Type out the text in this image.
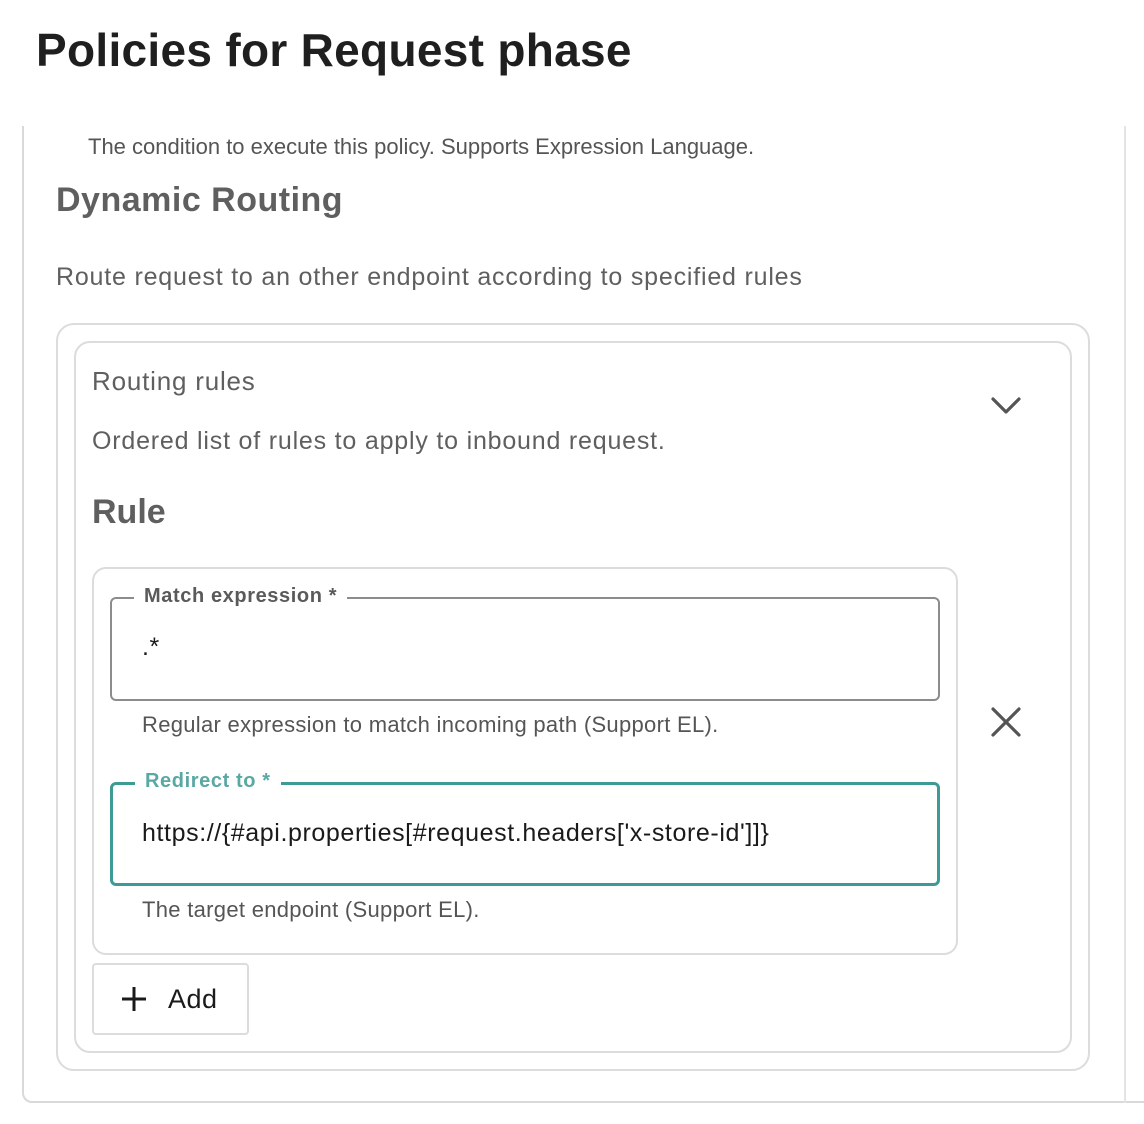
Policies for Request phase
The condition to execute this policy. Supports Expression Language.
Dynamic Routing
Route request to an other endpoint according to specified rules
Routing rules
Ordered list of rules to apply to inbound request.
Rule
Match expression *
.*
Regular expression to match incoming path (Support EL).
Redirect to *
https://{#api.properties[#request.headers['x-store-id']]}
The target endpoint (Support EL).
Add
